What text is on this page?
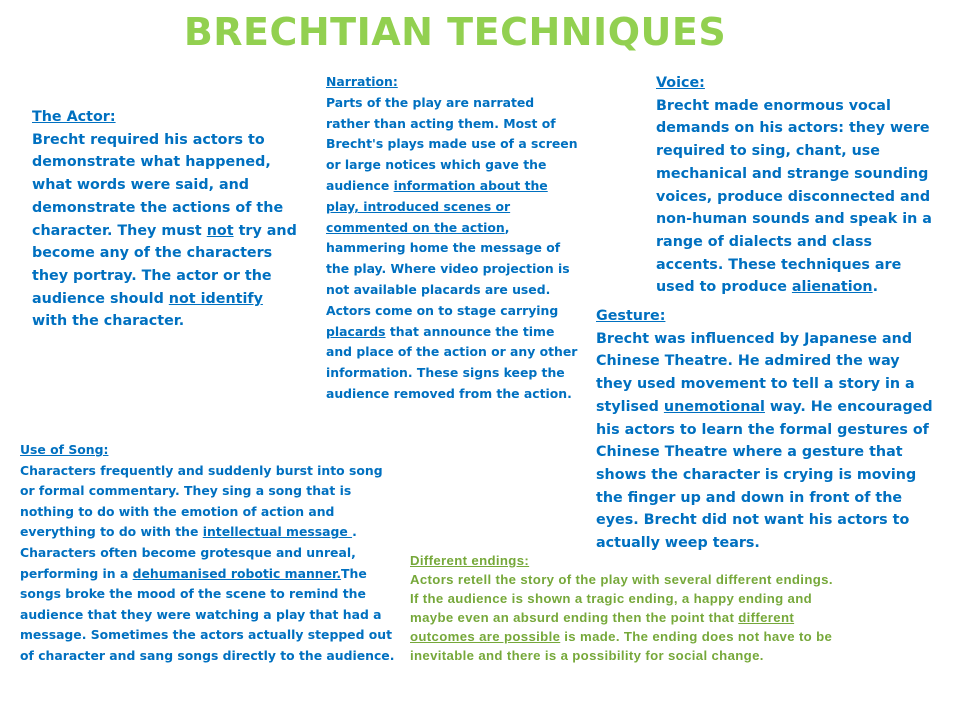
BRECHTIAN TECHNIQUES
The Actor:

Brecht required his actors to demonstrate what happened, what words were said, and demonstrate the actions of the character. They must not try and become any of the characters they portray. The actor or the audience should not identify with the character.

Narration:

Parts of the play are narrated rather than acting them. Most of Brecht's plays made use of a screen or large notices which gave the audience information about the play, introduced scenes or commented on the action, hammering home the message of the play. Where video projection is not available placards are used. Actors come on to stage carrying placards that announce the time and place of the action or any other information. These signs keep the audience removed from the action.

Voice:

Brecht made enormous vocal demands on his actors: they were required to sing, chant, use mechanical and strange sounding voices, produce disconnected and non-human sounds and speak in a range of dialects and class accents. These techniques are used to produce alienation.

Gesture:

Brecht was influenced by Japanese and Chinese Theatre. He admired the way they used movement to tell a story in a stylised unemotional way. He encouraged his actors to learn the formal gestures of Chinese Theatre where a gesture that shows the character is crying is moving the finger up and down in front of the eyes. Brecht did not want his actors to actually weep tears.

Use of Song:

Characters frequently and suddenly burst into song or formal commentary. They sing a song that is nothing to do with the emotion of action and everything to do with the intellectual message . Characters often become grotesque and unreal, performing in a dehumanised robotic manner.The songs broke the mood of the scene to remind the audience that they were watching a play that had a message. Sometimes the actors actually stepped out of character and sang songs directly to the audience.

Different endings:

Actors retell the story of the play with several different endings. If the audience is shown a tragic ending, a happy ending and maybe even an absurd ending then the point that different outcomes are possible is made. The ending does not have to be inevitable and there is a possibility for social change.
